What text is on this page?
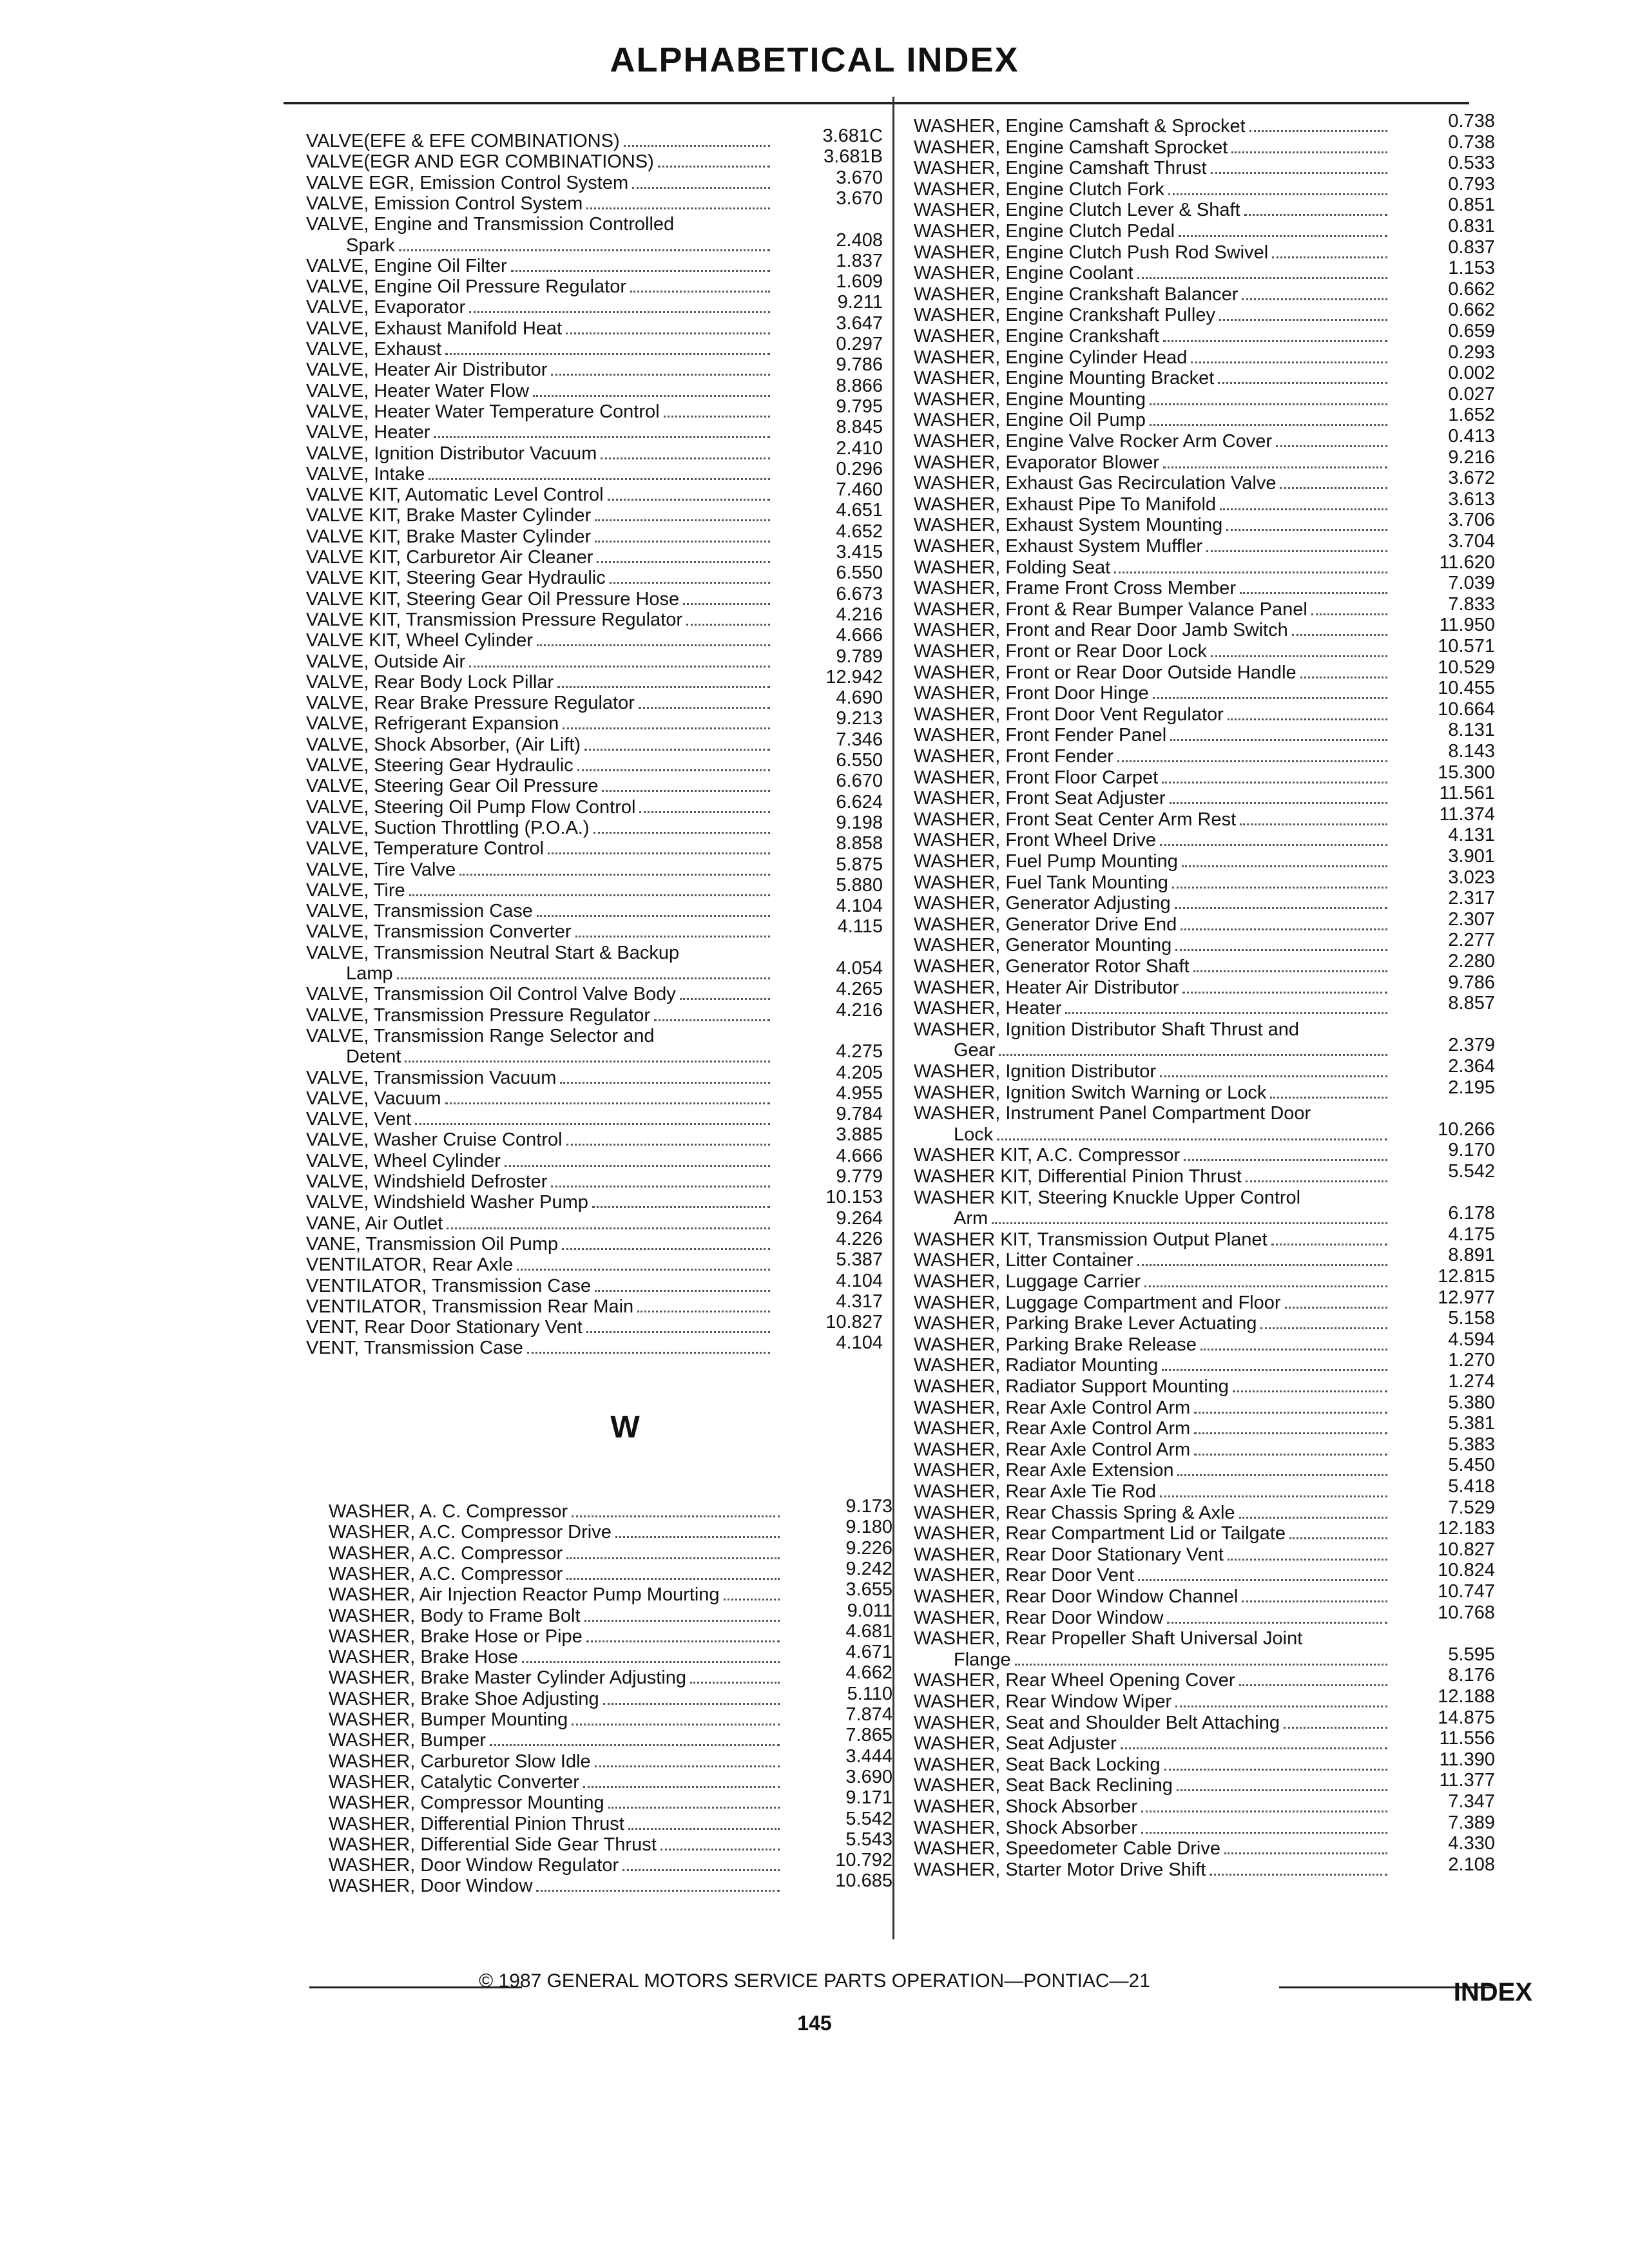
ALPHABETICAL INDEX
VALVE(EFE & EFE COMBINATIONS)	3.681C
VALVE(EGR AND EGR COMBINATIONS)	3.681B
VALVE EGR, Emission Control System	3.670
VALVE, Emission Control System	3.670
VALVE, Engine and Transmission Controlled
Spark	2.408
VALVE, Engine Oil Filter	1.837
VALVE, Engine Oil Pressure Regulator	1.609
VALVE, Evaporator	9.211
VALVE, Exhaust Manifold Heat	3.647
VALVE, Exhaust	0.297
VALVE, Heater Air Distributor	9.786
VALVE, Heater Water Flow	8.866
VALVE, Heater Water Temperature Control	9.795
VALVE, Heater	8.845
VALVE, Ignition Distributor Vacuum	2.410
VALVE, Intake	0.296
VALVE KIT, Automatic Level Control	7.460
VALVE KIT, Brake Master Cylinder	4.651
VALVE KIT, Brake Master Cylinder	4.652
VALVE KIT, Carburetor Air Cleaner	3.415
VALVE KIT, Steering Gear Hydraulic	6.550
VALVE KIT, Steering Gear Oil Pressure Hose	6.673
VALVE KIT, Transmission Pressure Regulator	4.216
VALVE KIT, Wheel Cylinder	4.666
VALVE, Outside Air	9.789
VALVE, Rear Body Lock Pillar	12.942
VALVE, Rear Brake Pressure Regulator	4.690
VALVE, Refrigerant Expansion	9.213
VALVE, Shock Absorber, (Air Lift)	7.346
VALVE, Steering Gear Hydraulic	6.550
VALVE, Steering Gear Oil Pressure	6.670
VALVE, Steering Oil Pump Flow Control	6.624
VALVE, Suction Throttling (P.O.A.)	9.198
VALVE, Temperature Control	8.858
VALVE, Tire Valve	5.875
VALVE, Tire	5.880
VALVE, Transmission Case	4.104
VALVE, Transmission Converter	4.115
VALVE, Transmission Neutral Start & Backup
Lamp	4.054
VALVE, Transmission Oil Control Valve Body	4.265
VALVE, Transmission Pressure Regulator	4.216
VALVE, Transmission Range Selector and
Detent	4.275
VALVE, Transmission Vacuum	4.205
VALVE, Vacuum	4.955
VALVE, Vent	9.784
VALVE, Washer Cruise Control	3.885
VALVE, Wheel Cylinder	4.666
VALVE, Windshield Defroster	9.779
VALVE, Windshield Washer Pump	10.153
VANE, Air Outlet	9.264
VANE, Transmission Oil Pump	4.226
VENTILATOR, Rear Axle	5.387
VENTILATOR, Transmission Case	4.104
VENTILATOR, Transmission Rear Main	4.317
VENT, Rear Door Stationary Vent	10.827
VENT, Transmission Case	4.104
W
WASHER, A. C. Compressor	9.173
WASHER, A.C. Compressor Drive	9.180
WASHER, A.C. Compressor	9.226
WASHER, A.C. Compressor	9.242
WASHER, Air Injection Reactor Pump Mourting	3.655
WASHER, Body to Frame Bolt	9.011
WASHER, Brake Hose or Pipe	4.681
WASHER, Brake Hose	4.671
WASHER, Brake Master Cylinder Adjusting	4.662
WASHER, Brake Shoe Adjusting	5.110
WASHER, Bumper Mounting	7.874
WASHER, Bumper	7.865
WASHER, Carburetor Slow Idle	3.444
WASHER, Catalytic Converter	3.690
WASHER, Compressor Mounting	9.171
WASHER, Differential Pinion Thrust	5.542
WASHER, Differential Side Gear Thrust	5.543
WASHER, Door Window Regulator	10.792
WASHER, Door Window	10.685
WASHER, Engine Camshaft & Sprocket	0.738
WASHER, Engine Camshaft Sprocket	0.738
WASHER, Engine Camshaft Thrust	0.533
WASHER, Engine Clutch Fork	0.793
WASHER, Engine Clutch Lever & Shaft	0.851
WASHER, Engine Clutch Pedal	0.831
WASHER, Engine Clutch Push Rod Swivel	0.837
WASHER, Engine Coolant	1.153
WASHER, Engine Crankshaft Balancer	0.662
WASHER, Engine Crankshaft Pulley	0.662
WASHER, Engine Crankshaft	0.659
WASHER, Engine Cylinder Head	0.293
WASHER, Engine Mounting Bracket	0.002
WASHER, Engine Mounting	0.027
WASHER, Engine Oil Pump	1.652
WASHER, Engine Valve Rocker Arm Cover	0.413
WASHER, Evaporator Blower	9.216
WASHER, Exhaust Gas Recirculation Valve	3.672
WASHER, Exhaust Pipe To Manifold	3.613
WASHER, Exhaust System Mounting	3.706
WASHER, Exhaust System Muffler	3.704
WASHER, Folding Seat	11.620
WASHER, Frame Front Cross Member	7.039
WASHER, Front & Rear Bumper Valance Panel	7.833
WASHER, Front and Rear Door Jamb Switch	11.950
WASHER, Front or Rear Door Lock	10.571
WASHER, Front or Rear Door Outside Handle	10.529
WASHER, Front Door Hinge	10.455
WASHER, Front Door Vent Regulator	10.664
WASHER, Front Fender Panel	8.131
WASHER, Front Fender	8.143
WASHER, Front Floor Carpet	15.300
WASHER, Front Seat Adjuster	11.561
WASHER, Front Seat Center Arm Rest	11.374
WASHER, Front Wheel Drive	4.131
WASHER, Fuel Pump Mounting	3.901
WASHER, Fuel Tank Mounting	3.023
WASHER, Generator Adjusting	2.317
WASHER, Generator Drive End	2.307
WASHER, Generator Mounting	2.277
WASHER, Generator Rotor Shaft	2.280
WASHER, Heater Air Distributor	9.786
WASHER, Heater	8.857
WASHER, Ignition Distributor Shaft Thrust and
Gear	2.379
WASHER, Ignition Distributor	2.364
WASHER, Ignition Switch Warning or Lock	2.195
WASHER, Instrument Panel Compartment Door
Lock	10.266
WASHER KIT, A.C. Compressor	9.170
WASHER KIT, Differential Pinion Thrust	5.542
WASHER KIT, Steering Knuckle Upper Control
Arm	6.178
WASHER KIT, Transmission Output Planet	4.175
WASHER, Litter Container	8.891
WASHER, Luggage Carrier	12.815
WASHER, Luggage Compartment and Floor	12.977
WASHER, Parking Brake Lever Actuating	5.158
WASHER, Parking Brake Release	4.594
WASHER, Radiator Mounting	1.270
WASHER, Radiator Support Mounting	1.274
WASHER, Rear Axle Control Arm	5.380
WASHER, Rear Axle Control Arm	5.381
WASHER, Rear Axle Control Arm	5.383
WASHER, Rear Axle Extension	5.450
WASHER, Rear Axle Tie Rod	5.418
WASHER, Rear Chassis Spring & Axle	7.529
WASHER, Rear Compartment Lid or Tailgate	12.183
WASHER, Rear Door Stationary Vent	10.827
WASHER, Rear Door Vent	10.824
WASHER, Rear Door Window Channel	10.747
WASHER, Rear Door Window	10.768
WASHER, Rear Propeller Shaft Universal Joint
Flange	5.595
WASHER, Rear Wheel Opening Cover	8.176
WASHER, Rear Window Wiper	12.188
WASHER, Seat and Shoulder Belt Attaching	14.875
WASHER, Seat Adjuster	11.556
WASHER, Seat Back Locking	11.390
WASHER, Seat Back Reclining	11.377
WASHER, Shock Absorber	7.347
WASHER, Shock Absorber	7.389
WASHER, Speedometer Cable Drive	4.330
WASHER, Starter Motor Drive Shift	2.108
© 1987 GENERAL MOTORS SERVICE PARTS OPERATION—PONTIAC—21
145
INDEX
